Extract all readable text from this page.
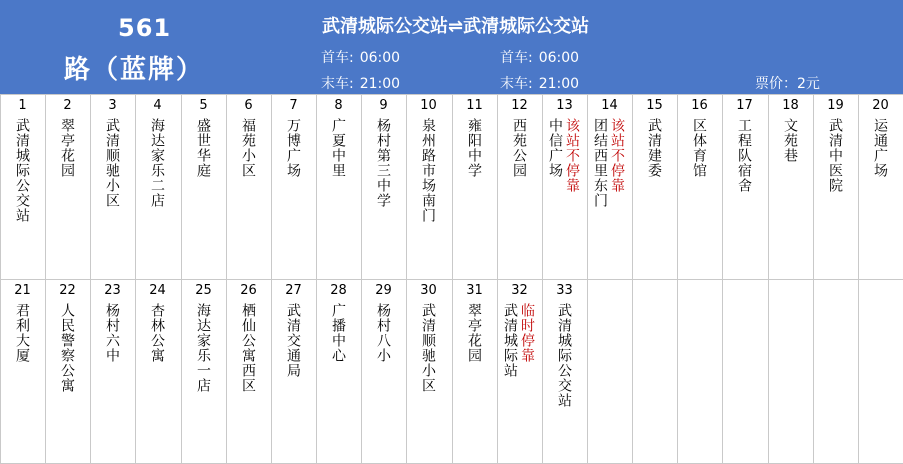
561
路（蓝牌）
武清城际公交站⇌武清城际公交站
首车: 06:00
末车: 21:00
首车: 06:00
末车: 21:00	票价：2元
1
武清城际公交站
2
翠亭花园
3
武清顺驰小区
4
海达家乐二店
5
盛世华庭
6
福苑小区
7
万博广场
8
广夏中里
9
杨村第三中学
10
泉州路市场南门
11
雍阳中学
12
西苑公园
13
中信广场 该站不停靠
14
团结西里东门 该站不停靠
15
武清建委
16
区体育馆
17
工程队宿舍
18
文苑巷
19
武清中医院
20
运通广场
21
君利大厦
22
人民警察公寓
23
杨村六中
24
杏林公寓
25
海达家乐一店
26
栖仙公寓西区
27
武清交通局
28
广播中心
29
杨村八小
30
武清顺驰小区
31
翠亭花园
32
武清城际站 临时停靠
33
武清城际公交站
